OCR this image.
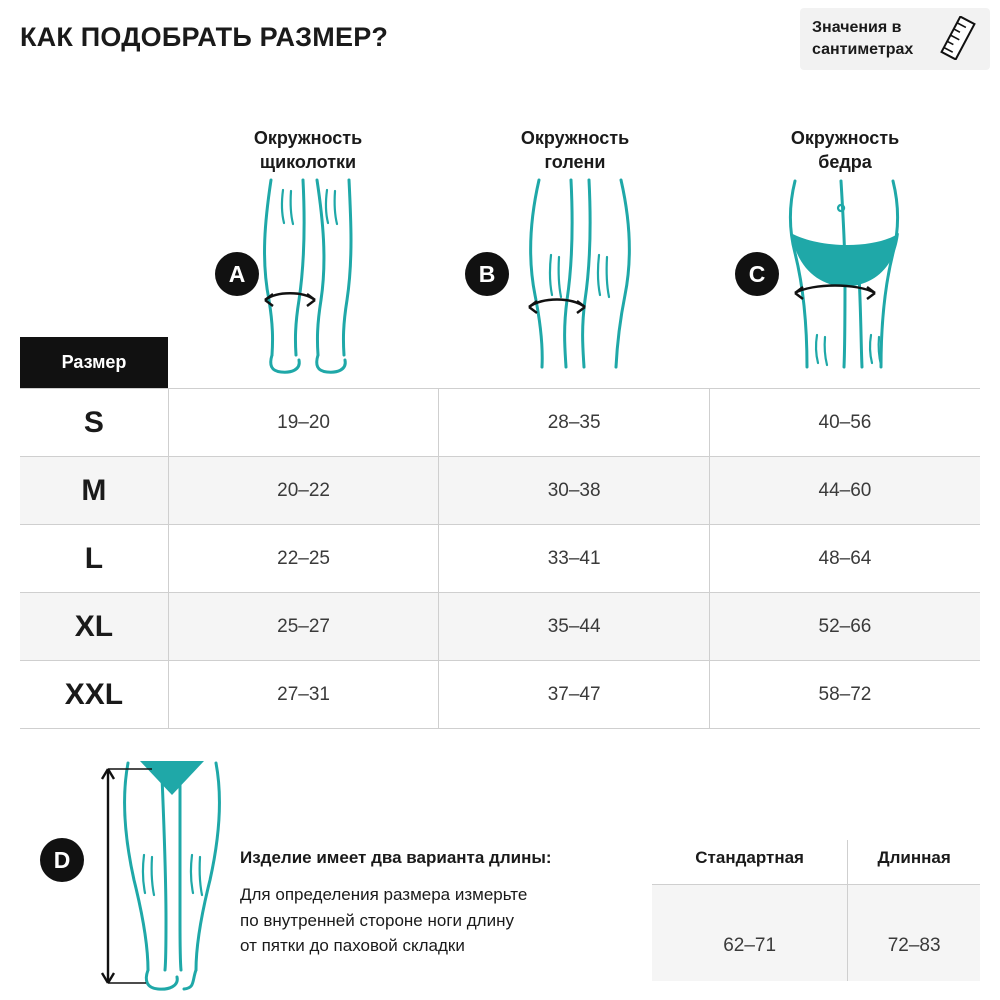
КАК ПОДОБРАТЬ РАЗМЕР?	Значения в
сантиметрах
Окружность
щиколотки
Окружность
голени
Окружность
бедра
A	B	C
Размер
S	19–20	28–35	40–56
M	20–22	30–38	44–60
L	22–25	33–41	48–64
XL	25–27	35–44	52–66
XXL	27–31	37–47	58–72
D	Изделие имеет два варианта длины:
Для определения размера измерьте
по внутренней стороне ноги длину
от пятки до паховой складки
Стандартная	Длинная
62–71	72–83
